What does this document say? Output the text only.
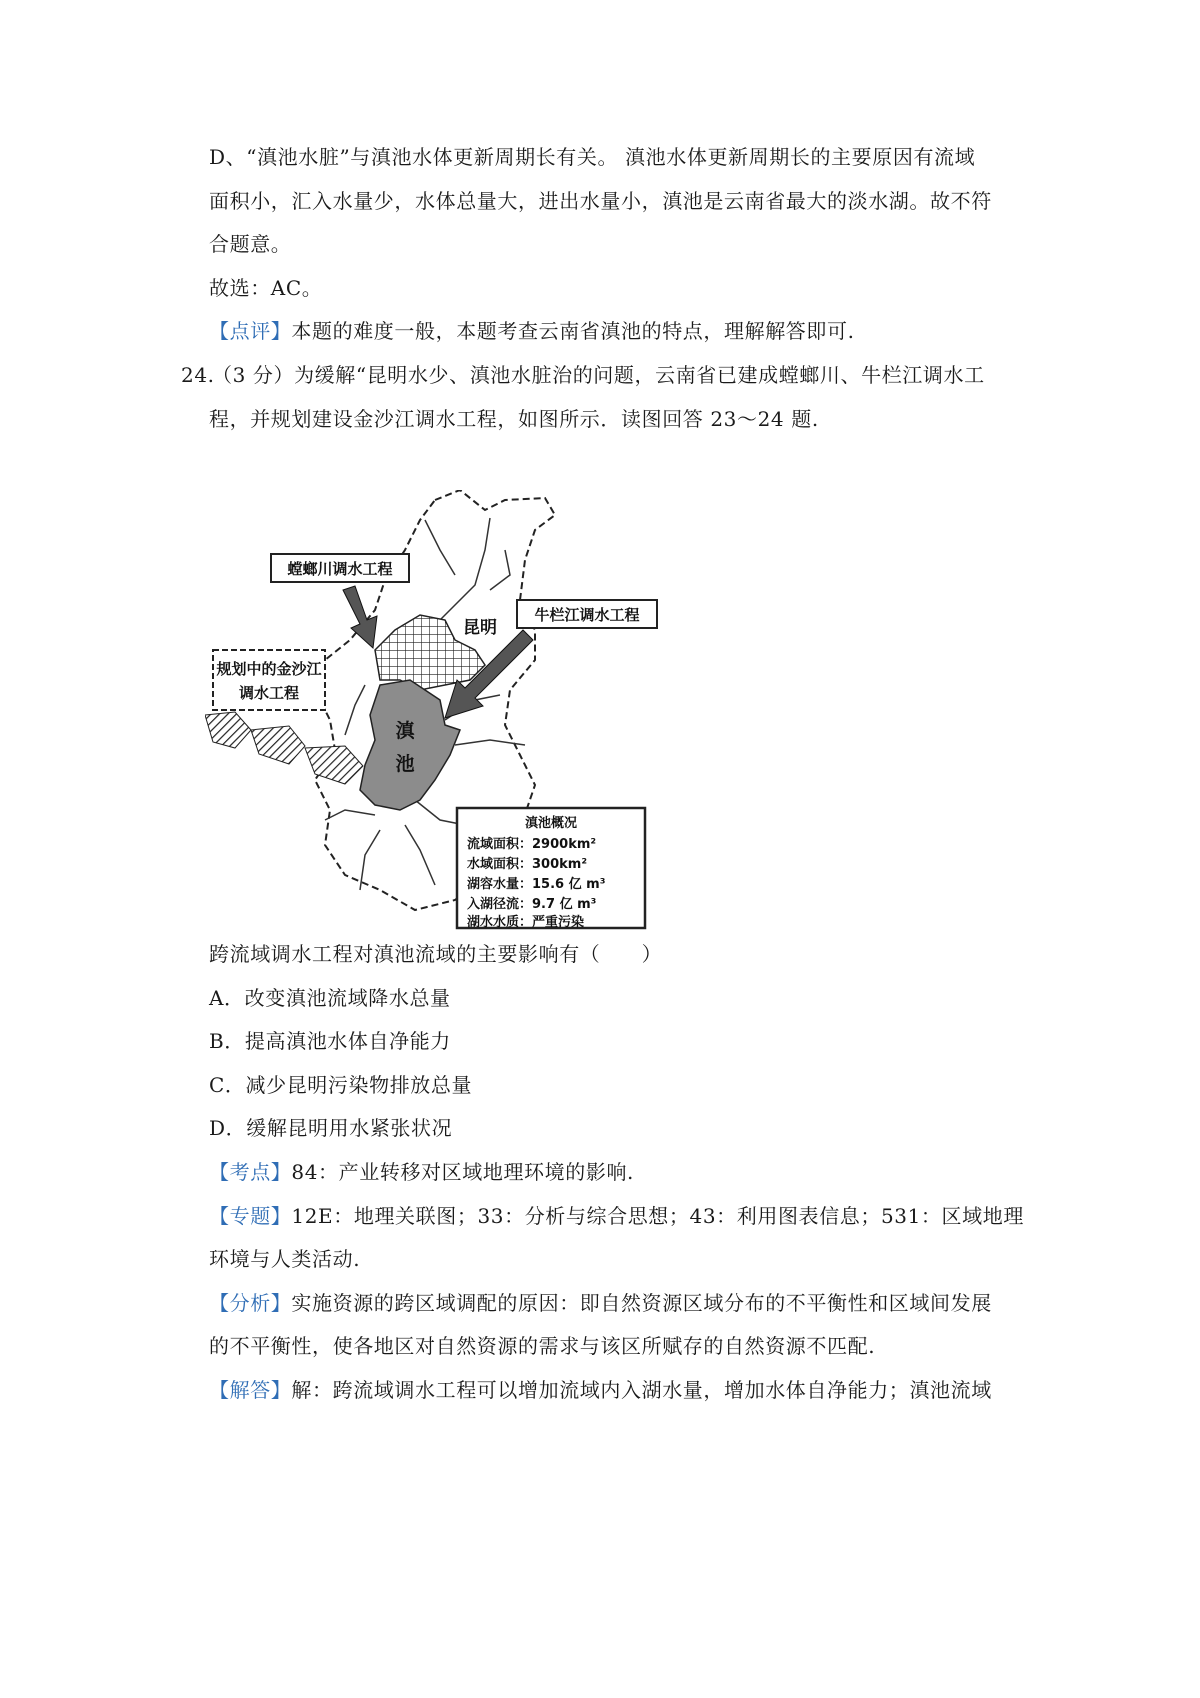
D、“滇池水脏”与滇池水体更新周期长有关。 滇池水体更新周期长的主要原因有流域
面积小，汇入水量少，水体总量大，进出水量小，滇池是云南省最大的淡水湖。故不符
合题意。
故选：AC。
【点评】本题的难度一般，本题考查云南省滇池的特点，理解解答即可.
24.
（3 分）为缓解“昆明水少、滇池水脏治的问题，云南省已建成螳螂川、牛栏江调水工
程，并规划建设金沙江调水工程，如图所示．读图回答 23～24 题.
滇
池
昆明
螳螂川调水工程
牛栏江调水工程
规划中的金沙江
调水工程
滇池概况
流域面积：2900km²
水域面积：300km²
湖容水量：15.6 亿 m³
入湖径流：9.7 亿 m³
湖水水质：严重污染
跨流域调水工程对滇池流域的主要影响有（　　）
A．改变滇池流域降水总量
B．提高滇池水体自净能力
C．减少昆明污染物排放总量
D．缓解昆明用水紧张状况
【考点】84：产业转移对区域地理环境的影响.
【专题】12E：地理关联图；33：分析与综合思想；43：利用图表信息；531：区域地理
环境与人类活动.
【分析】实施资源的跨区域调配的原因：即自然资源区域分布的不平衡性和区域间发展
的不平衡性，使各地区对自然资源的需求与该区所赋存的自然资源不匹配.
【解答】解：跨流域调水工程可以增加流域内入湖水量，增加水体自净能力；滇池流域
